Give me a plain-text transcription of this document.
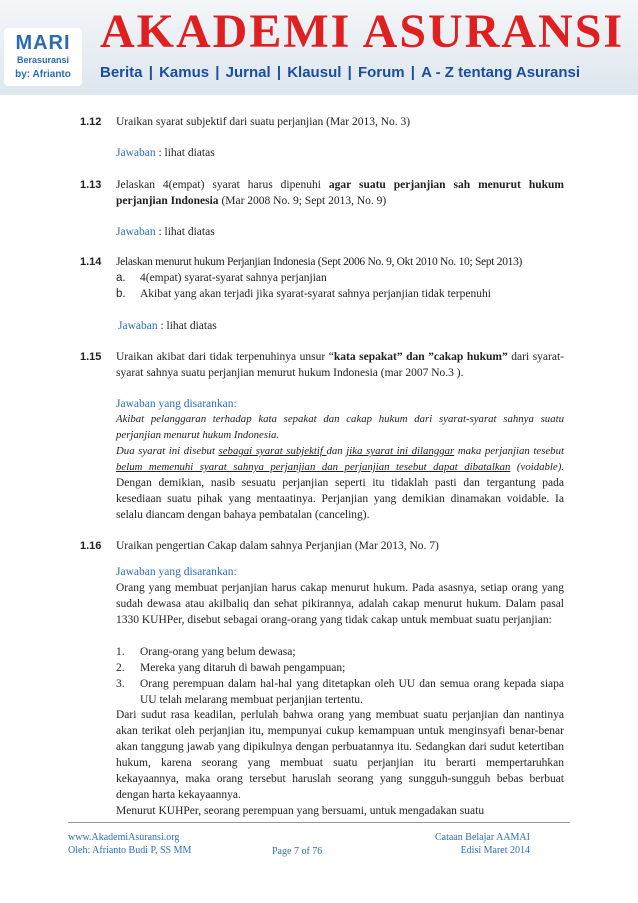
MARI
Berasuransi
by: Afrianto
AKADEMI ASURANSI
Berita | Kamus | Jurnal | Klausul | Forum | A - Z tentang Asuransi
1.12 Uraikan syarat subjektif dari suatu perjanjian (Mar 2013, No. 3)
Jawaban : lihat diatas
1.13 Jelaskan 4(empat) syarat harus dipenuhi agar suatu perjanjian sah menurut hukum perjanjian Indonesia (Mar 2008 No. 9; Sept 2013, No. 9)
Jawaban : lihat diatas
1.14 Jelaskan menurut hukum Perjanjian Indonesia (Sept 2006 No. 9, Okt 2010 No. 10; Sept 2013)
a.	4(empat) syarat-syarat sahnya perjanjian
b.	Akibat yang akan terjadi jika syarat-syarat sahnya perjanjian tidak terpenuhi
Jawaban : lihat diatas
1.15 Uraikan akibat dari tidak terpenuhinya unsur “kata sepakat” dan ”cakap hukum” dari syarat-syarat sahnya suatu perjanjian menurut hukum Indonesia (mar 2007 No.3 ).
Jawaban yang disarankan:
Akibat pelanggaran terhadap kata sepakat dan cakap hukum dari syarat-syarat sahnya suatu perjanjian menurut hukum Indonesia.
Dua syarat ini disebut sebagai syarat subjektif dan jika syarat ini dilanggar maka perjanjian tesebut belum memenuhi syarat sahnya perjanjian dan perjanjian tesebut dapat dibatalkan (voidable). Dengan demikian, nasib sesuatu perjanjian seperti itu tidaklah pasti dan tergantung pada kesediaan suatu pihak yang mentaatinya. Perjanjian yang demikian dinamakan voidable. Ia selalu diancam dengan bahaya pembatalan (canceling).
1.16 Uraikan pengertian Cakap dalam sahnya Perjanjian (Mar 2013, No. 7)
Jawaban yang disarankan:
Orang yang membuat perjanjian harus cakap menurut hukum. Pada asasnya, setiap orang yang sudah dewasa atau akilbaliq dan sehat pikirannya, adalah cakap menurut hukum. Dalam pasal 1330 KUHPer, disebut sebagai orang-orang yang tidak cakap untuk membuat suatu perjanjian:
1.	Orang-orang yang belum dewasa;
2.	Mereka yang ditaruh di bawah pengampuan;
3.	Orang perempuan dalam hal-hal yang ditetapkan oleh UU dan semua orang kepada siapa UU telah melarang membuat perjanjian tertentu.
Dari sudut rasa keadilan, perlulah bahwa orang yang membuat suatu perjanjian dan nantinya akan terikat oleh perjanjian itu, mempunyai cukup kemampuan untuk menginsyafi benar-benar akan tanggung jawab yang dipikulnya dengan perbuatannya itu. Sedangkan dari sudut ketertiban hukum, karena seorang yang membuat suatu perjanjian itu berarti mempertaruhkan kekayaannya, maka orang tersebut haruslah seorang yang sungguh-sungguh bebas berbuat dengan harta kekayaannya.
Menurut KUHPer, seorang perempuan yang bersuami, untuk mengadakan suatu
www.AkademiAsuransi.org
Oleh: Afrianto Budi P, SS MM	Page 7 of 76
Cataan Belajar AAMAI
Edisi Maret 2014
